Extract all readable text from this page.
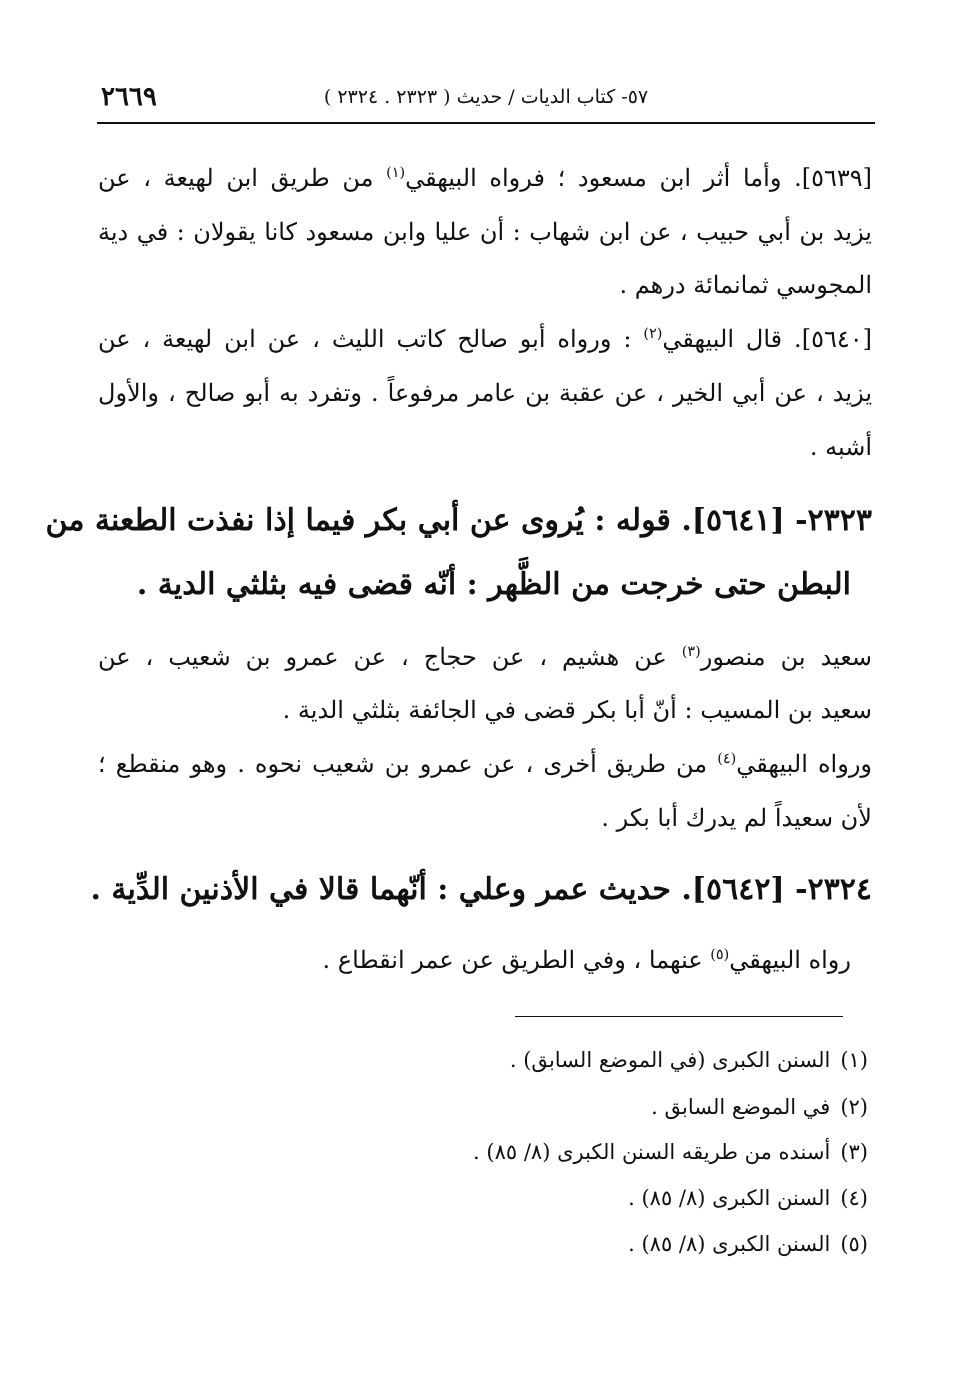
٥٧- كتاب الديات / حديث ( ٢٣٢٣ . ٢٣٢٤ )
٢٦٦٩
[٥٦٣٩]. وأما أثر ابن مسعود ؛ فرواه البيهقي$^{(١)}$ من طريق ابن لهيعة ، عن
يزيد بن أبي حبيب ، عن ابن شهاب : أن عليا وابن مسعود كانا يقولان : في دية
المجوسي ثمانمائة درهم .
[٥٦٤٠]. قال البيهقي$^{(٢)}$ : ورواه أبو صالح كاتب الليث ، عن ابن لهيعة ، عن
يزيد ، عن أبي الخير ، عن عقبة بن عامر مرفوعاً . وتفرد به أبو صالح ، والأول
أشبه .
٢٣٢٣- [٥٦٤١]. قوله : يُروى عن أبي بكر فيما إذا نفذت الطعنة من
البطن حتى خرجت من الظَّهر : أنّه قضى فيه بثلثي الدية .
سعيد بن منصور$^{(٣)}$ عن هشيم ، عن حجاج ، عن عمرو بن شعيب ، عن
سعيد بن المسيب : أنّ أبا بكر قضى في الجائفة بثلثي الدية .
ورواه البيهقي$^{(٤)}$ من طريق أخرى ، عن عمرو بن شعيب نحوه . وهو منقطع ؛
لأن سعيداً لم يدرك أبا بكر .
٢٣٢٤- [٥٦٤٢]. حديث عمر وعلي : أنّهما قالا في الأذنين الدِّية .
رواه البيهقي$^{(٥)}$ عنهما ، وفي الطريق عن عمر انقطاع .
(١)السنن الكبرى (في الموضع السابق) .
(٢)في الموضع السابق .
(٣)أسنده من طريقه السنن الكبرى (٨/ ٨٥) .
(٤)السنن الكبرى (٨/ ٨٥) .
(٥)السنن الكبرى (٨/ ٨٥) .
